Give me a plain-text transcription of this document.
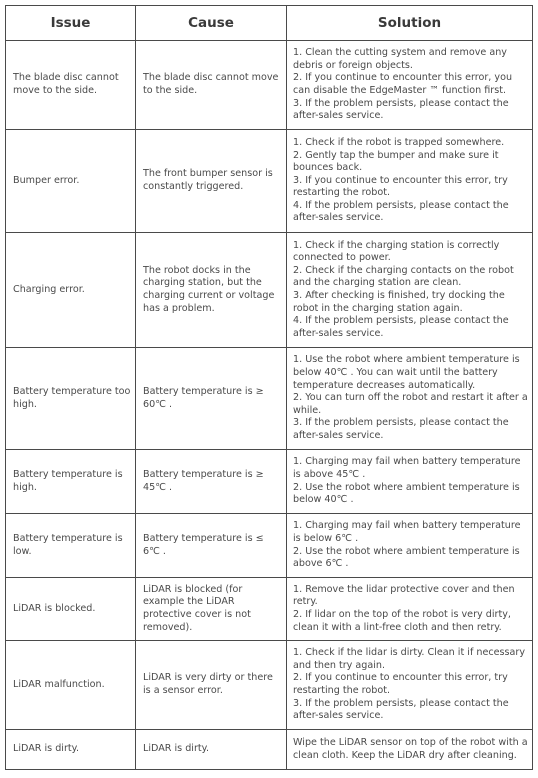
Issue	Cause	Solution
The blade disc cannot move to the side.	The blade disc cannot move to the side.	1. Clean the cutting system and remove any debris or foreign objects.
2. If you continue to encounter this error, you can disable the EdgeMaster ™ function first.
3. If the problem persists, please contact the after-sales service.

Bumper error.	The front bumper sensor is constantly triggered.	1. Check if the robot is trapped somewhere.
2. Gently tap the bumper and make sure it bounces back.
3. If you continue to encounter this error, try restarting the robot.
4. If the problem persists, please contact the after-sales service.

Charging error.	The robot docks in the charging station, but the charging current or voltage has a problem.	1. Check if the charging station is correctly connected to power.
2. Check if the charging contacts on the robot and the charging station are clean.
3. After checking is finished, try docking the robot in the charging station again.
4. If the problem persists, please contact the after-sales service.

Battery temperature too high.	Battery temperature is ≥ 60℃ .	1. Use the robot where ambient temperature is below 40℃ . You can wait until the battery temperature decreases automatically.
2. You can turn off the robot and restart it after a while.
3. If the problem persists, please contact the after-sales service.

Battery temperature is high.	Battery temperature is ≥ 45℃ .	1. Charging may fail when battery temperature is above 45℃ .
2. Use the robot where ambient temperature is below 40℃ .

Battery temperature is low.	Battery temperature is ≤ 6℃ .	1. Charging may fail when battery temperature is below 6℃ .
2. Use the robot where ambient temperature is above 6℃ .

LiDAR is blocked.	LiDAR is blocked (for example the LiDAR protective cover is not removed).	1. Remove the lidar protective cover and then retry.
2. If lidar on the top of the robot is very dirty, clean it with a lint-free cloth and then retry.

LiDAR malfunction.	LiDAR is very dirty or there is a sensor error.	1. Check if the lidar is dirty. Clean it if necessary and then try again.
2. If you continue to encounter this error, try restarting the robot.
3. If the problem persists, please contact the after-sales service.

LiDAR is dirty.	LiDAR is dirty.	Wipe the LiDAR sensor on top of the robot with a clean cloth. Keep the LiDAR dry after cleaning.
